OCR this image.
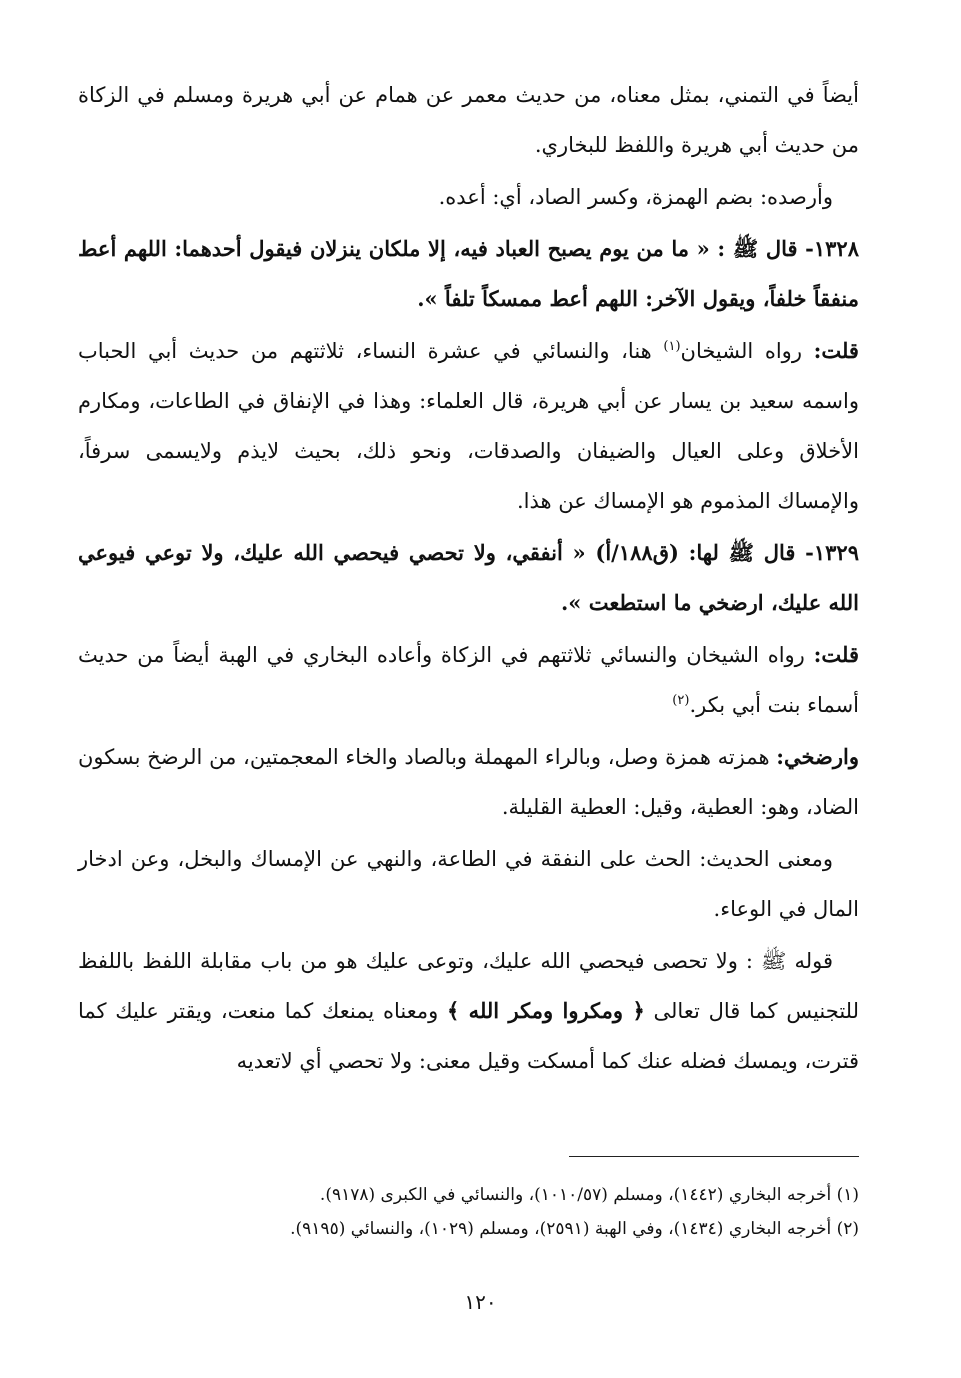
أيضاً في التمني، بمثل معناه، من حديث معمر عن همام عن أبي هريرة ومسلم في الزكاة من حديث أبي هريرة واللفظ للبخاري.

وأرصده: بضم الهمزة، وكسر الصاد، أي: أعده.

١٣٢٨- قال ﷺ : « ما من يوم يصبح العباد فيه، إلا ملكان ينزلان فيقول أحدهما: اللهم أعط منفقاً خلفاً، ويقول الآخر: اللهم أعط ممسكاً تلفاً ».

قلت: رواه الشيخان$^{(١)}$ هنا، والنسائي في عشرة النساء، ثلاثتهم من حديث أبي الحباب واسمه سعيد بن يسار عن أبي هريرة، قال العلماء: وهذا في الإنفاق في الطاعات، ومكارم الأخلاق وعلى العيال والضيفان والصدقات، ونحو ذلك، بحيث لايذم ولايسمى سرفاً، والإمساك المذموم هو الإمساك عن هذا.

١٣٢٩- قال ﷺ لها: (ق١٨٨/أ) « أنفقي، ولا تحصي فيحصي الله عليك، ولا توعي فيوعي الله عليك، ارضخي ما استطعت ».

قلت: رواه الشيخان والنسائي ثلاثتهم في الزكاة وأعاده البخاري في الهبة أيضاً من حديث أسماء بنت أبي بكر.$^{(٢)}$

وارضخي: همزته همزة وصل، وبالراء المهملة وبالصاد والخاء المعجمتين، من الرضخ بسكون الضاد، وهو: العطية، وقيل: العطية القليلة.

ومعنى الحديث: الحث على النفقة في الطاعة، والنهي عن الإمساك والبخل، وعن ادخار المال في الوعاء.

قوله ﷺ : ولا تحصى فيحصي الله عليك، وتوعى عليك هو من باب مقابلة اللفظ باللفظ للتجنيس كما قال تعالى ﴿ ومكروا ومكر الله ﴾ ومعناه يمنعك كما منعت، ويقتر عليك كما قترت، ويمسك فضله عنك كما أمسكت وقيل معنى: ولا تحصي أي لاتعديه

(١) أخرجه البخاري (١٤٤٢)، ومسلم (١٠١٠/٥٧)، والنسائي في الكبرى (٩١٧٨).

(٢) أخرجه البخاري (١٤٣٤)، وفي الهبة (٢٥٩١)، ومسلم (١٠٢٩)، والنسائي (٩١٩٥).

١٢٠
